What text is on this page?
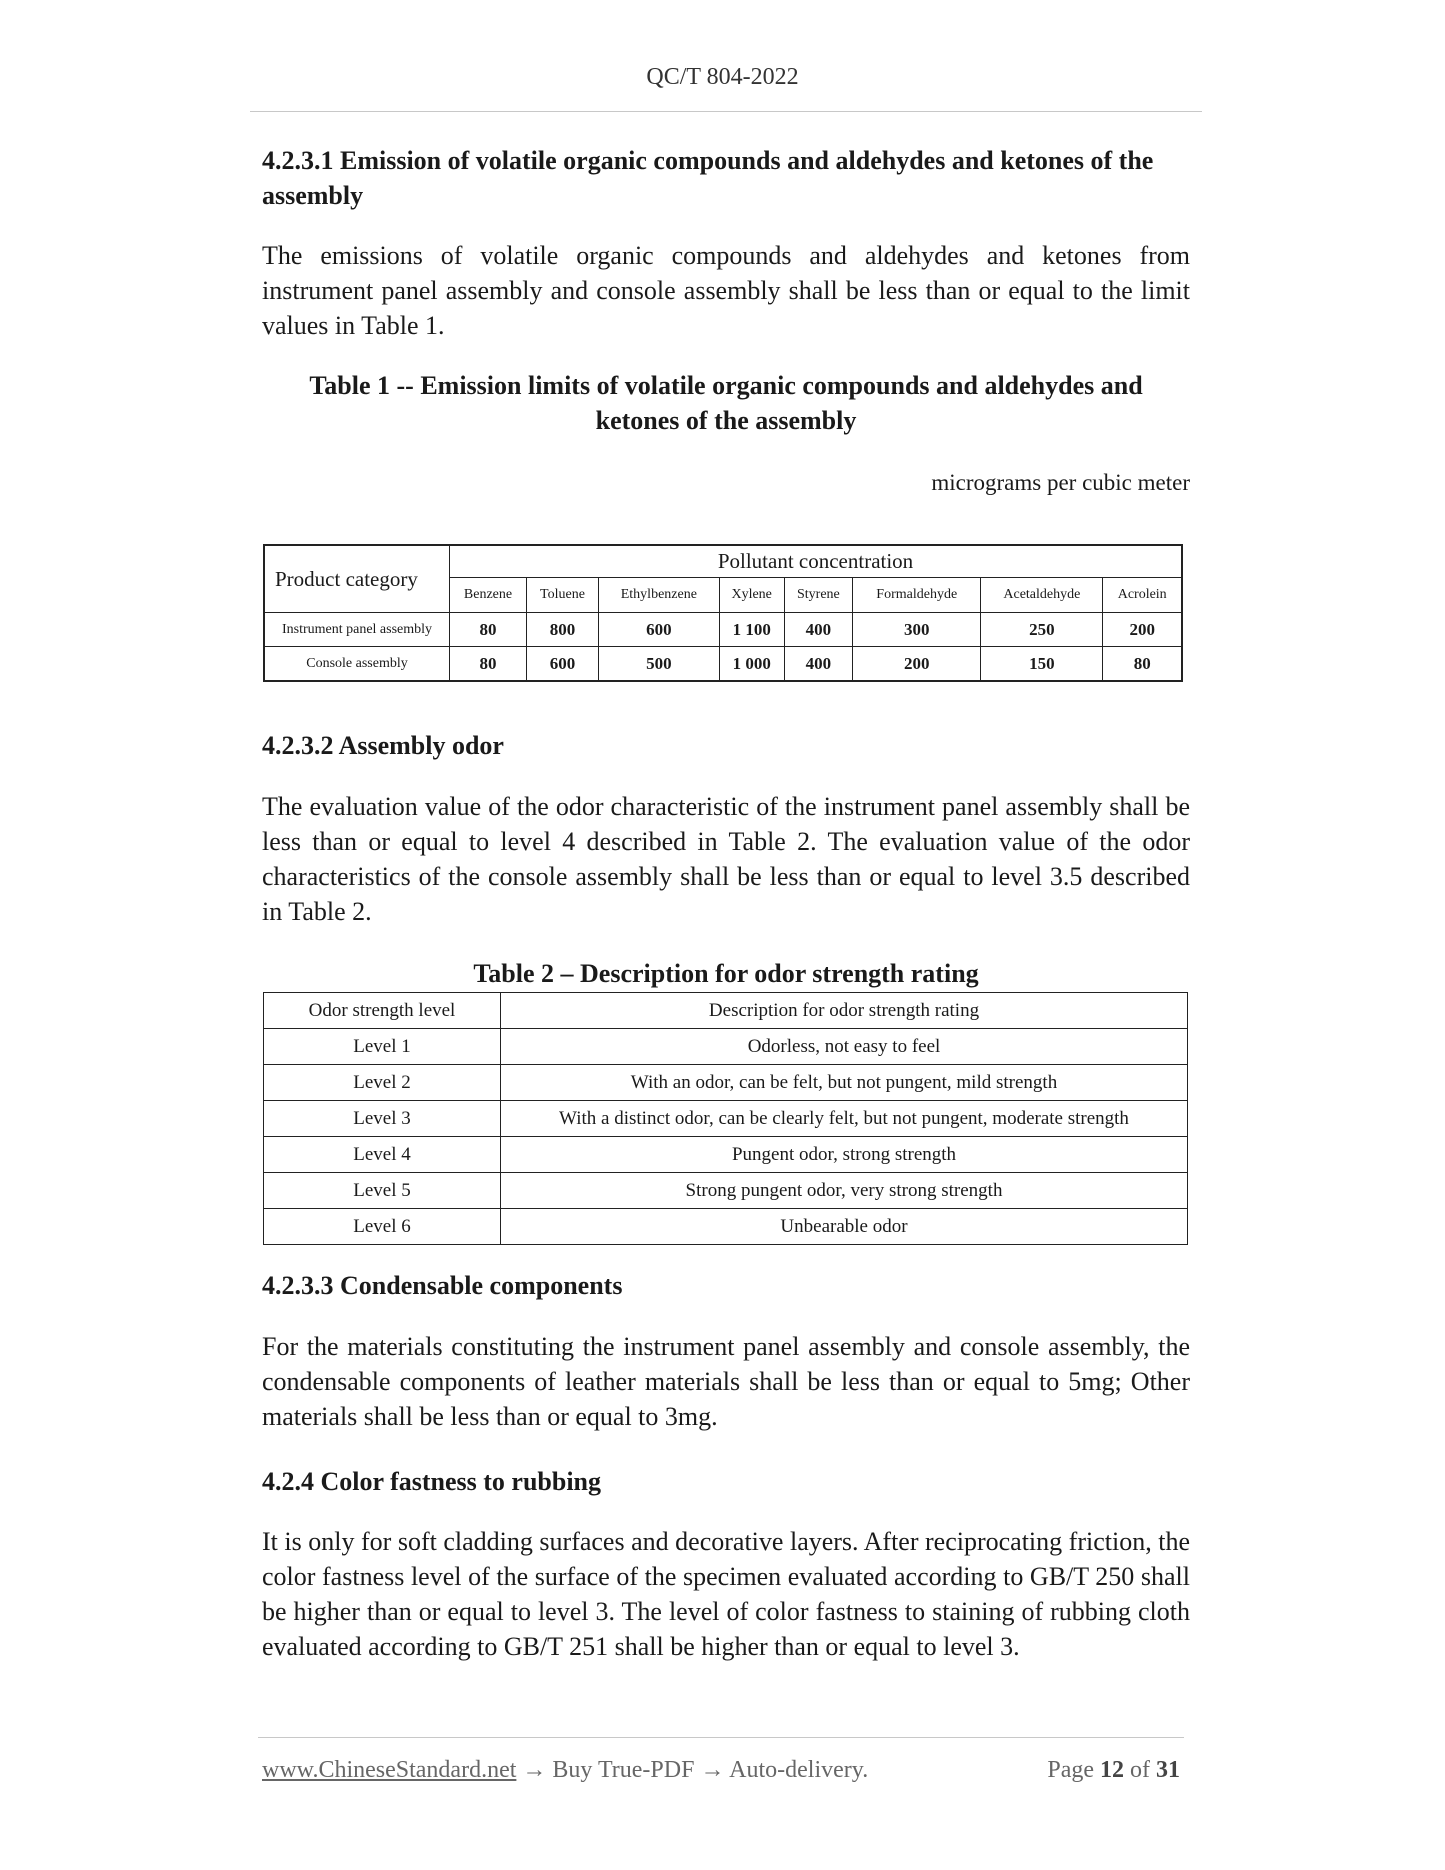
QC/T 804-2022
4.2.3.1 Emission of volatile organic compounds and aldehydes and ketones of the assembly
The emissions of volatile organic compounds and aldehydes and ketones from instrument panel assembly and console assembly shall be less than or equal to the limit values in Table 1.
Table 1 -- Emission limits of volatile organic compounds and aldehydes and ketones of the assembly
micrograms per cubic meter
4.2.3.2 Assembly odor
The evaluation value of the odor characteristic of the instrument panel assembly shall be less than or equal to level 4 described in Table 2. The evaluation value of the odor characteristics of the console assembly shall be less than or equal to level 3.5 described in Table 2.
Table 2 – Description for odor strength rating
4.2.3.3 Condensable components
For the materials constituting the instrument panel assembly and console assembly, the condensable components of leather materials shall be less than or equal to 5mg; Other materials shall be less than or equal to 3mg.
4.2.4 Color fastness to rubbing
It is only for soft cladding surfaces and decorative layers. After reciprocating friction, the color fastness level of the surface of the specimen evaluated according to GB/T 250 shall be higher than or equal to level 3. The level of color fastness to staining of rubbing cloth evaluated according to GB/T 251 shall be higher than or equal to level 3.
Product category	Pollutant concentration							
	Benzene	Toluene	Ethylbenzene	Xylene	Styrene	Formaldehyde	Acetaldehyde	Acrolein
Instrument panel assembly	80	800	600	1 100	400	300	250	200
Console assembly	80	600	500	1 000	400	200	150	80
Odor strength level	Description for odor strength rating
Level 1	Odorless, not easy to feel
Level 2	With an odor, can be felt, but not pungent, mild strength
Level 3	With a distinct odor, can be clearly felt, but not pungent, moderate strength
Level 4	Pungent odor, strong strength
Level 5	Strong pungent odor, very strong strength
Level 6	Unbearable odor
www.ChineseStandard.net → Buy True-PDF → Auto-delivery.	Page 12 of 31
